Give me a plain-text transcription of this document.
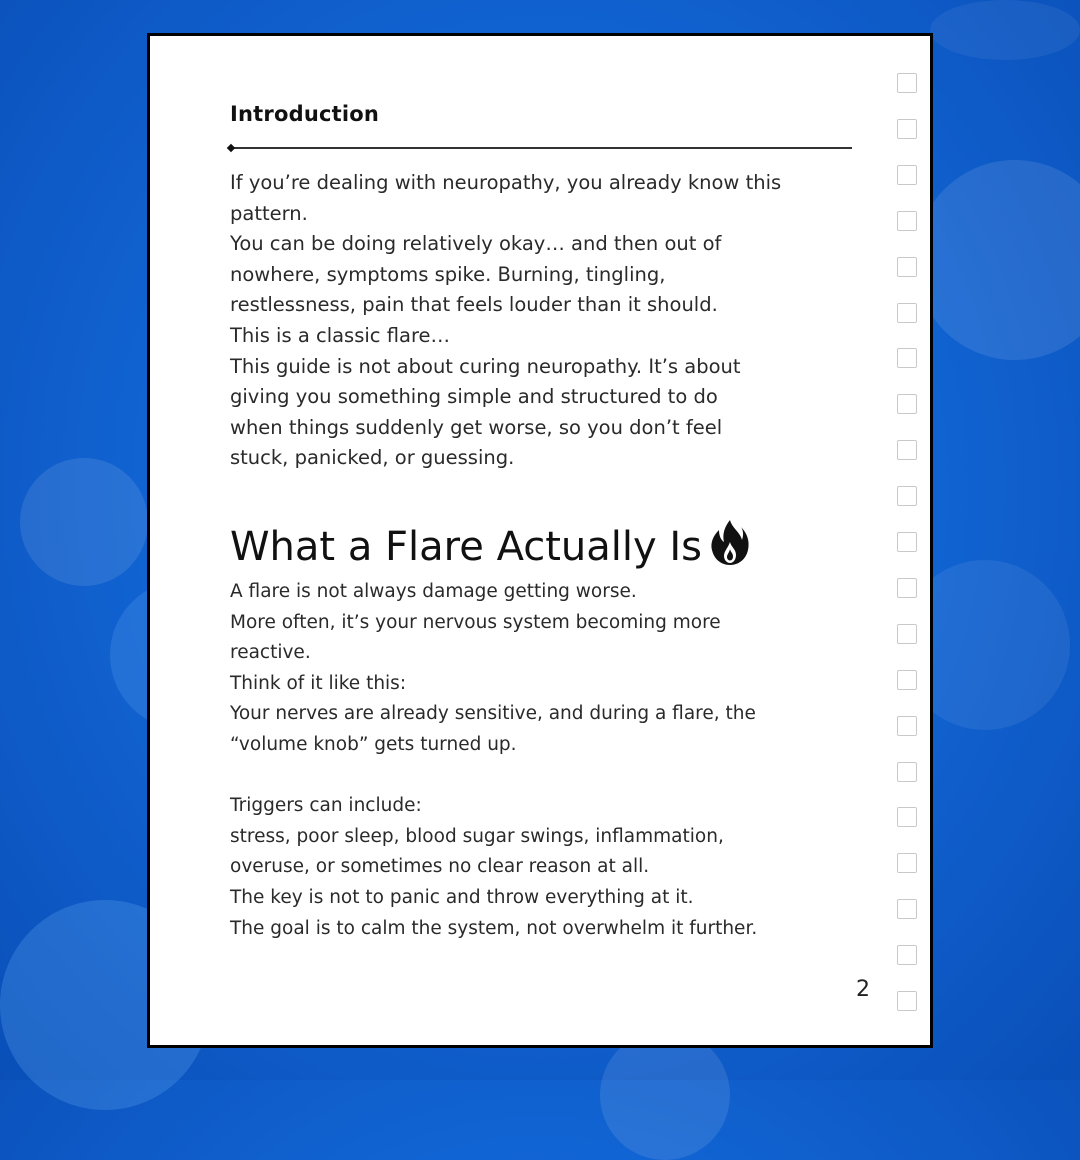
Introduction
If you’re dealing with neuropathy, you already know this
pattern.
You can be doing relatively okay… and then out of
nowhere, symptoms spike. Burning, tingling,
restlessness, pain that feels louder than it should.
This is a classic flare…
This guide is not about curing neuropathy. It’s about
giving you something simple and structured to do
when things suddenly get worse, so you don’t feel
stuck, panicked, or guessing.
What a Flare Actually Is
A flare is not always damage getting worse.
More often, it’s your nervous system becoming more
reactive.
Think of it like this:
Your nerves are already sensitive, and during a flare, the
“volume knob” gets turned up.
Triggers can include:
stress, poor sleep, blood sugar swings, inflammation,
overuse, or sometimes no clear reason at all.
The key is not to panic and throw everything at it.
The goal is to calm the system, not overwhelm it further.
2
